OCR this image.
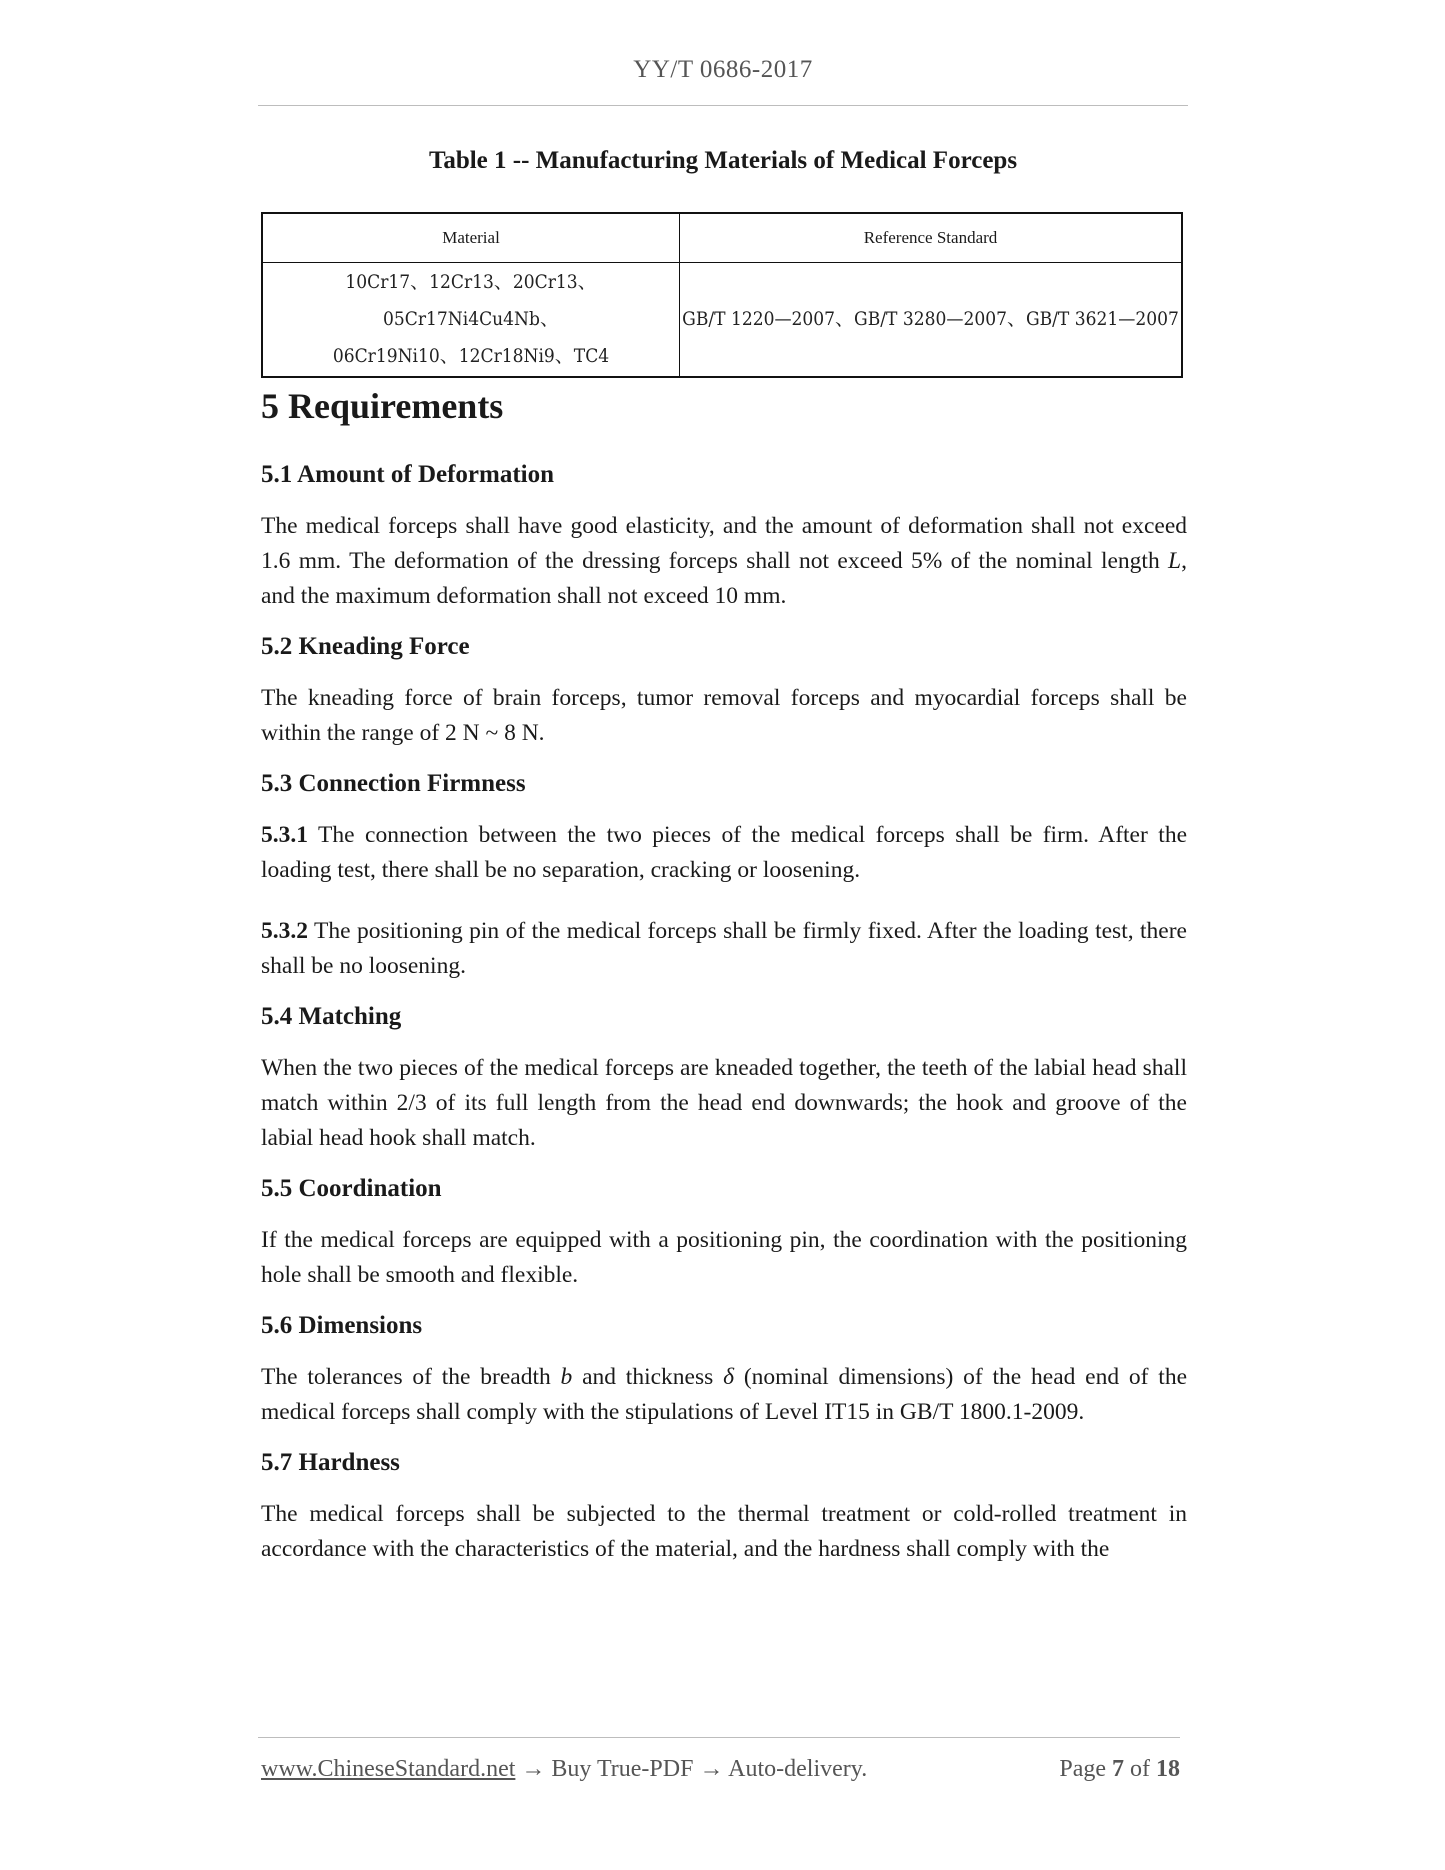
YY/T 0686-2017
Table 1 -- Manufacturing Materials of Medical Forceps
Material	Reference Standard

10Cr17、12Cr13、20Cr13、05Cr17Ni4Cu4Nb、
06Cr19Ni10、12Cr18Ni9、TC4	GB/T 1220—2007、GB/T 3280—2007、GB/T 3621—2007
5 Requirements
5.1 Amount of Deformation

The medical forceps shall have good elasticity, and the amount of deformation shall not exceed 1.6 mm. The deformation of the dressing forceps shall not exceed 5% of the nominal length L, and the maximum deformation shall not exceed 10 mm.

5.2 Kneading Force

The kneading force of brain forceps, tumor removal forceps and myocardial forceps shall be within the range of 2 N ~ 8 N.

5.3 Connection Firmness

5.3.1 The connection between the two pieces of the medical forceps shall be firm. After the loading test, there shall be no separation, cracking or loosening.

5.3.2 The positioning pin of the medical forceps shall be firmly fixed. After the loading test, there shall be no loosening.

5.4 Matching

When the two pieces of the medical forceps are kneaded together, the teeth of the labial head shall match within 2/3 of its full length from the head end downwards; the hook and groove of the labial head hook shall match.

5.5 Coordination

If the medical forceps are equipped with a positioning pin, the coordination with the positioning hole shall be smooth and flexible.

5.6 Dimensions

The tolerances of the breadth b and thickness δ (nominal dimensions) of the head end of the medical forceps shall comply with the stipulations of Level IT15 in GB/T 1800.1-2009.

5.7 Hardness

The medical forceps shall be subjected to the thermal treatment or cold-rolled treatment in accordance with the characteristics of the material, and the hardness shall comply with the

www.ChineseStandard.net → Buy True-PDF → Auto-delivery.	Page 7 of 18
